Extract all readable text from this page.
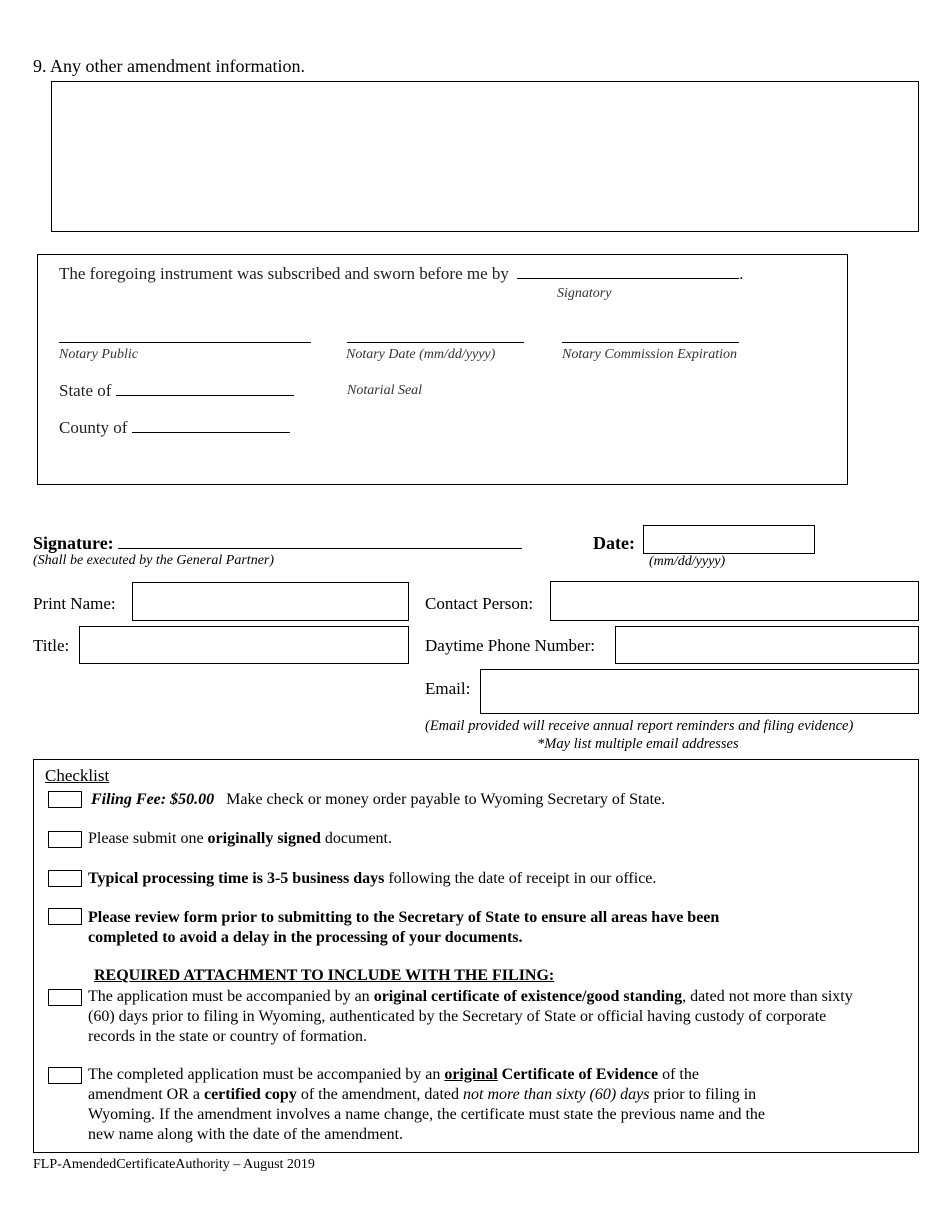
9. Any other amendment information.
The foregoing instrument was subscribed and sworn before me by	.
Signatory
Notary Public	Notary Date (mm/dd/yyyy)	Notary Commission Expiration
State of	Notarial Seal
County of
Signature:
(Shall be executed by the General Partner)
Date:
(mm/dd/yyyy)
Print Name:
Title:
Contact Person:
Daytime Phone Number:
Email:
(Email provided will receive annual report reminders and filing evidence)
*May list multiple email addresses
Checklist
Filing Fee: $50.00 Make check or money order payable to Wyoming Secretary of State.
Please submit one originally signed document.
Typical processing time is 3-5 business days following the date of receipt in our office.
Please review form prior to submitting to the Secretary of State to ensure all areas have been
completed to avoid a delay in the processing of your documents.
REQUIRED ATTACHMENT TO INCLUDE WITH THE FILING:
The application must be accompanied by an original certificate of existence/good standing, dated not more than sixty
(60) days prior to filing in Wyoming, authenticated by the Secretary of State or official having custody of corporate
records in the state or country of formation.
The completed application must be accompanied by an original Certificate of Evidence of the
amendment OR a certified copy of the amendment, dated not more than sixty (60) days prior to filing in
Wyoming. If the amendment involves a name change, the certificate must state the previous name and the
new name along with the date of the amendment.
FLP-AmendedCertificateAuthority – August 2019
